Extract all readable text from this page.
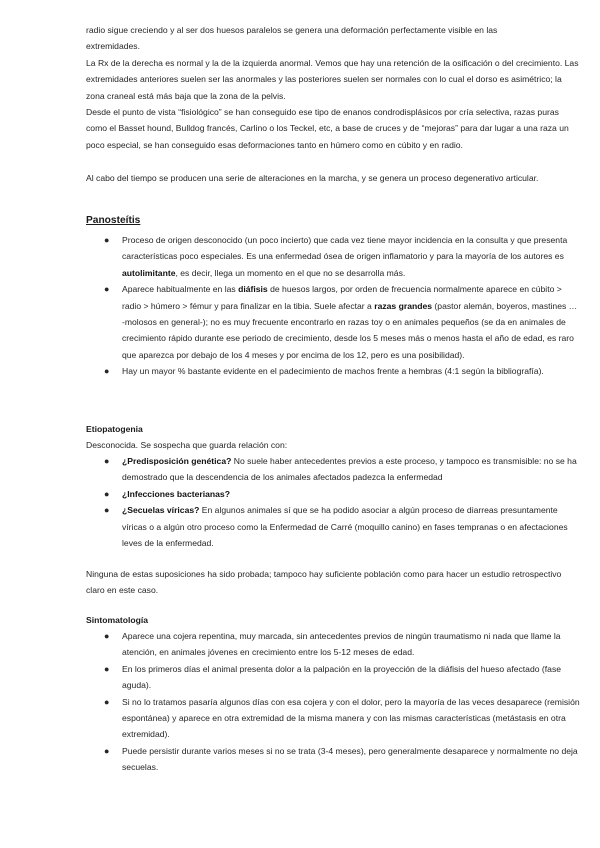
radio sigue creciendo y al ser dos huesos paralelos se genera una deformación perfectamente visible en las
extremidades.

La Rx de la derecha es normal y la de la izquierda anormal. Vemos que hay una retención de la osificación o del crecimiento. Las extremidades anteriores suelen ser las anormales y las posteriores suelen ser normales con lo cual el dorso es asimétrico; la zona craneal está más baja que la zona de la pelvis.

Desde el punto de vista “fisiológico” se han conseguido ese tipo de enanos condrodisplásicos por cría selectiva, razas puras como el Basset hound, Bulldog francés, Carlino o los Teckel, etc, a base de cruces y de “mejoras” para dar lugar a una raza un poco especial, se han conseguido esas deformaciones tanto en húmero como en cúbito y en radio.

Al cabo del tiempo se producen una serie de alteraciones en la marcha, y se genera un proceso degenerativo articular.

Panosteítis

● Proceso de origen desconocido (un poco incierto) que cada vez tiene mayor incidencia en la consulta y que presenta características poco especiales. Es una enfermedad ósea de origen inflamatorio y para la mayoría de los autores es autolimitante, es decir, llega un momento en el que no se desarrolla más.
● Aparece habitualmente en las diáfisis de huesos largos, por orden de frecuencia normalmente aparece en cúbito > radio > húmero > fémur y para finalizar en la tibia. Suele afectar a razas grandes (pastor alemán, boyeros, mastines … -molosos en general-); no es muy frecuente encontrarlo en razas toy o en animales pequeños (se da en animales de crecimiento rápido durante ese periodo de crecimiento, desde los 5 meses más o menos hasta el año de edad, es raro que aparezca por debajo de los 4 meses y por encima de los 12, pero es una posibilidad).
● Hay un mayor % bastante evidente en el padecimiento de machos frente a hembras (4:1 según la bibliografía).

Etiopatogenia

Desconocida. Se sospecha que guarda relación con:

● ¿Predisposición genética? No suele haber antecedentes previos a este proceso, y tampoco es transmisible: no se ha demostrado que la descendencia de los animales afectados padezca la enfermedad
● ¿Infecciones bacterianas?
● ¿Secuelas víricas? En algunos animales sí que se ha podido asociar a algún proceso de diarreas presuntamente víricas o a algún otro proceso como la Enfermedad de Carré (moquillo canino) en fases tempranas o en afectaciones leves de la enfermedad.

Ninguna de estas suposiciones ha sido probada; tampoco hay suficiente población como para hacer un estudio retrospectivo claro en este caso.

Sintomatología

● Aparece una cojera repentina, muy marcada, sin antecedentes previos de ningún traumatismo ni nada que llame la atención, en animales jóvenes en crecimiento entre los 5-12 meses de edad.
● En los primeros días el animal presenta dolor a la palpación en la proyección de la diáfisis del hueso afectado (fase aguda).
● Si no lo tratamos pasaría algunos días con esa cojera y con el dolor, pero la mayoría de las veces desaparece (remisión espontánea) y aparece en otra extremidad de la misma manera y con las mismas características (metástasis en otra extremidad).
● Puede persistir durante varios meses si no se trata (3-4 meses), pero generalmente desaparece y normalmente no deja secuelas.
